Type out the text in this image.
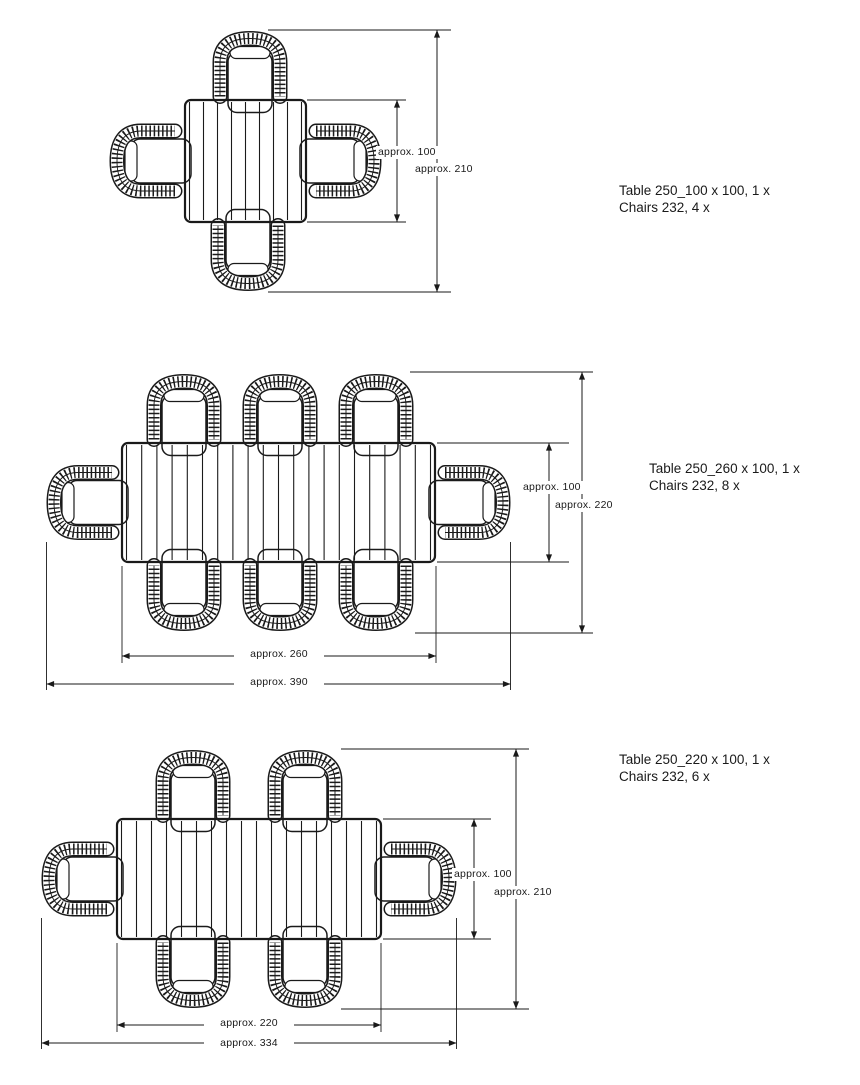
approx. 100
approx. 210
Table 250_100 x 100, 1 x
Chairs 232, 4 x
approx. 100
approx. 220
approx. 260
approx. 390
Table 250_260 x 100, 1 x
Chairs 232, 8 x
approx. 100
approx. 210
approx. 220
approx. 334
Table 250_220 x 100, 1 x
Chairs 232, 6 x
